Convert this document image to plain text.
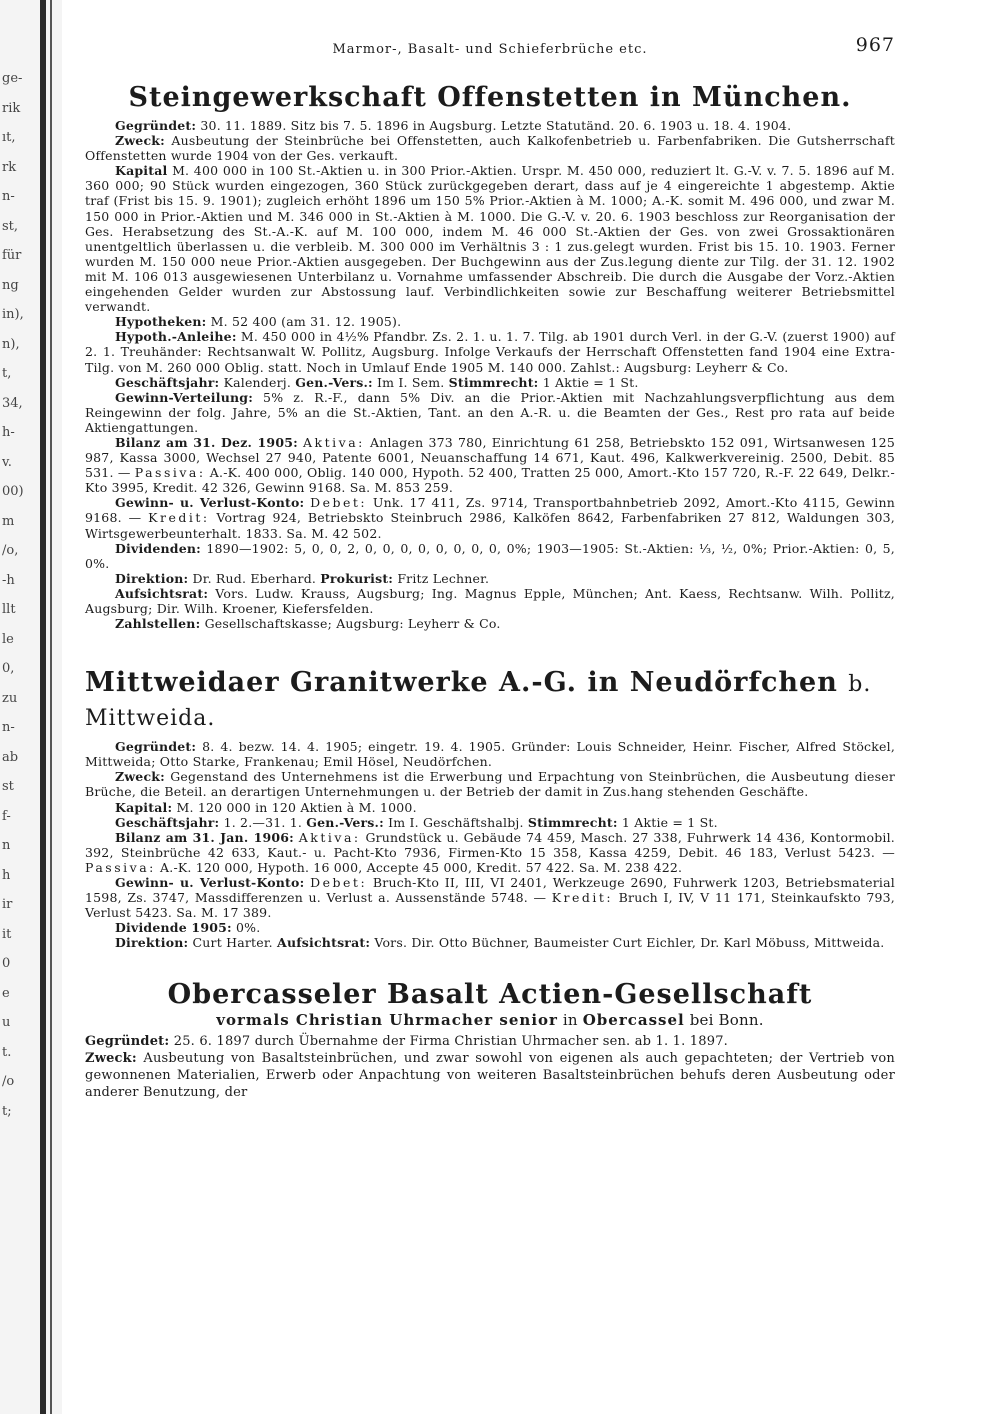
ge-
rik
ıt,
rk
n-
st,
für
ng
in),
n),
t,
34,
h-
v.
00)
m
/o,
-h
llt
le
0,
zu
n-
ab
st
f-
n
h
ir
it
0
e
u
t.
/o
t;
Marmor-, Basalt- und Schieferbrüche etc.	967
Steingewerkschaft Offenstetten in München.

Gegründet: 30. 11. 1889. Sitz bis 7. 5. 1896 in Augsburg. Letzte Statutänd. 20. 6. 1903 u. 18. 4. 1904.

Zweck: Ausbeutung der Steinbrüche bei Offenstetten, auch Kalkofenbetrieb u. Farbenfabriken. Die Gutsherrschaft Offenstetten wurde 1904 von der Ges. verkauft.

Kapital M. 400 000 in 100 St.-Aktien u. in 300 Prior.-Aktien. Urspr. M. 450 000, reduziert lt. G.-V. v. 7. 5. 1896 auf M. 360 000; 90 Stück wurden eingezogen, 360 Stück zurückgegeben derart, dass auf je 4 eingereichte 1 abgestemp. Aktie traf (Frist bis 15. 9. 1901); zugleich erhöht 1896 um 150 5% Prior.-Aktien à M. 1000; A.-K. somit M. 496 000, und zwar M. 150 000 in Prior.-Aktien und M. 346 000 in St.-Aktien à M. 1000. Die G.-V. v. 20. 6. 1903 beschloss zur Reorganisation der Ges. Herabsetzung des St.-A.-K. auf M. 100 000, indem M. 46 000 St.-Aktien der Ges. von zwei Grossaktionären unentgeltlich überlassen u. die verbleib. M. 300 000 im Verhältnis 3 : 1 zus.gelegt wurden. Frist bis 15. 10. 1903. Ferner wurden M. 150 000 neue Prior.-Aktien ausgegeben. Der Buchgewinn aus der Zus.legung diente zur Tilg. der 31. 12. 1902 mit M. 106 013 ausgewiesenen Unterbilanz u. Vornahme umfassender Abschreib. Die durch die Ausgabe der Vorz.-Aktien eingehenden Gelder wurden zur Abstossung lauf. Verbindlichkeiten sowie zur Beschaffung weiterer Betriebsmittel verwandt.

Hypotheken: M. 52 400 (am 31. 12. 1905).

Hypoth.-Anleihe: M. 450 000 in 4½% Pfandbr. Zs. 2. 1. u. 1. 7. Tilg. ab 1901 durch Verl. in der G.-V. (zuerst 1900) auf 2. 1. Treuhänder: Rechtsanwalt W. Pollitz, Augsburg. Infolge Verkaufs der Herrschaft Offenstetten fand 1904 eine Extra-Tilg. von M. 260 000 Oblig. statt. Noch in Umlauf Ende 1905 M. 140 000. Zahlst.: Augsburg: Leyherr & Co.

Geschäftsjahr: Kalenderj. Gen.-Vers.: Im I. Sem. Stimmrecht: 1 Aktie = 1 St.

Gewinn-Verteilung: 5% z. R.-F., dann 5% Div. an die Prior.-Aktien mit Nachzahlungsverpflichtung aus dem Reingewinn der folg. Jahre, 5% an die St.-Aktien, Tant. an den A.-R. u. die Beamten der Ges., Rest pro rata auf beide Aktiengattungen.

Bilanz am 31. Dez. 1905: Aktiva: Anlagen 373 780, Einrichtung 61 258, Betriebskto 152 091, Wirtsanwesen 125 987, Kassa 3000, Wechsel 27 940, Patente 6001, Neuanschaffung 14 671, Kaut. 496, Kalkwerkvereinig. 2500, Debit. 85 531. — Passiva: A.-K. 400 000, Oblig. 140 000, Hypoth. 52 400, Tratten 25 000, Amort.-Kto 157 720, R.-F. 22 649, Delkr.-Kto 3995, Kredit. 42 326, Gewinn 9168. Sa. M. 853 259.

Gewinn- u. Verlust-Konto: Debet: Unk. 17 411, Zs. 9714, Transportbahnbetrieb 2092, Amort.-Kto 4115, Gewinn 9168. — Kredit: Vortrag 924, Betriebskto Steinbruch 2986, Kalköfen 8642, Farbenfabriken 27 812, Waldungen 303, Wirtsgewerbeunterhalt. 1833. Sa. M. 42 502.

Dividenden: 1890—1902: 5, 0, 0, 2, 0, 0, 0, 0, 0, 0, 0, 0, 0%; 1903—1905: St.-Aktien: ⅓, ½, 0%; Prior.-Aktien: 0, 5, 0%.

Direktion: Dr. Rud. Eberhard. Prokurist: Fritz Lechner.

Aufsichtsrat: Vors. Ludw. Krauss, Augsburg; Ing. Magnus Epple, München; Ant. Kaess, Rechtsanw. Wilh. Pollitz, Augsburg; Dir. Wilh. Kroener, Kiefersfelden.

Zahlstellen: Gesellschaftskasse; Augsburg: Leyherr & Co.

Mittweidaer Granitwerke A.-G. in Neudörfchen b. Mittweida.

Gegründet: 8. 4. bezw. 14. 4. 1905; eingetr. 19. 4. 1905. Gründer: Louis Schneider, Heinr. Fischer, Alfred Stöckel, Mittweida; Otto Starke, Frankenau; Emil Hösel, Neudörfchen.

Zweck: Gegenstand des Unternehmens ist die Erwerbung und Erpachtung von Steinbrüchen, die Ausbeutung dieser Brüche, die Beteil. an derartigen Unternehmungen u. der Betrieb der damit in Zus.hang stehenden Geschäfte.

Kapital: M. 120 000 in 120 Aktien à M. 1000.

Geschäftsjahr: 1. 2.—31. 1. Gen.-Vers.: Im I. Geschäftshalbj. Stimmrecht: 1 Aktie = 1 St.

Bilanz am 31. Jan. 1906: Aktiva: Grundstück u. Gebäude 74 459, Masch. 27 338, Fuhrwerk 14 436, Kontormobil. 392, Steinbrüche 42 633, Kaut.- u. Pacht-Kto 7936, Firmen-Kto 15 358, Kassa 4259, Debit. 46 183, Verlust 5423. — Passiva: A.-K. 120 000, Hypoth. 16 000, Accepte 45 000, Kredit. 57 422. Sa. M. 238 422.

Gewinn- u. Verlust-Konto: Debet: Bruch-Kto II, III, VI 2401, Werkzeuge 2690, Fuhrwerk 1203, Betriebsmaterial 1598, Zs. 3747, Massdifferenzen u. Verlust a. Aussenstände 5748. — Kredit: Bruch I, IV, V 11 171, Steinkaufskto 793, Verlust 5423. Sa. M. 17 389.

Dividende 1905: 0%.

Direktion: Curt Harter. Aufsichtsrat: Vors. Dir. Otto Büchner, Baumeister Curt Eichler, Dr. Karl Möbuss, Mittweida.

Obercasseler Basalt Actien-Gesellschaft
vormals Christian Uhrmacher senior in Obercassel bei Bonn.

Gegründet: 25. 6. 1897 durch Übernahme der Firma Christian Uhrmacher sen. ab 1. 1. 1897.

Zweck: Ausbeutung von Basaltsteinbrüchen, und zwar sowohl von eigenen als auch gepachteten; der Vertrieb von gewonnenen Materialien, Erwerb oder Anpachtung von weiteren Basaltsteinbrüchen behufs deren Ausbeutung oder anderer Benutzung, der
